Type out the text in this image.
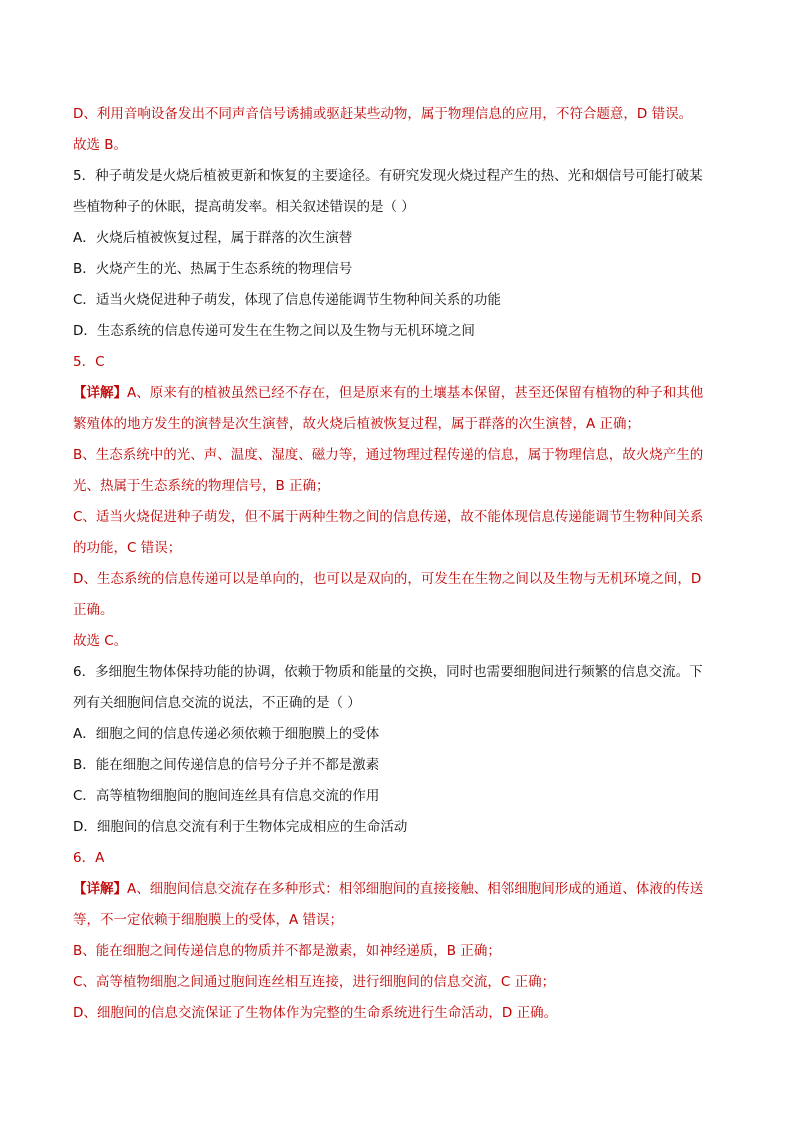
D、利用音响设备发出不同声音信号诱捕或驱赶某些动物，属于物理信息的应用，不符合题意，D 错误。
故选 B。
5．种子萌发是火烧后植被更新和恢复的主要途径。有研究发现火烧过程产生的热、光和烟信号可能打破某
些植物种子的休眠，提高萌发率。相关叙述错误的是（ ）
A．火烧后植被恢复过程，属于群落的次生演替
B．火烧产生的光、热属于生态系统的物理信号
C．适当火烧促进种子萌发，体现了信息传递能调节生物种间关系的功能
D．生态系统的信息传递可发生在生物之间以及生物与无机环境之间
5．C
【详解】A、原来有的植被虽然已经不存在，但是原来有的土壤基本保留，甚至还保留有植物的种子和其他
繁殖体的地方发生的演替是次生演替，故火烧后植被恢复过程，属于群落的次生演替，A 正确；
B、生态系统中的光、声、温度、湿度、磁力等，通过物理过程传递的信息，属于物理信息，故火烧产生的
光、热属于生态系统的物理信号，B 正确；
C、适当火烧促进种子萌发，但不属于两种生物之间的信息传递，故不能体现信息传递能调节生物种间关系
的功能，C 错误；
D、生态系统的信息传递可以是单向的，也可以是双向的，可发生在生物之间以及生物与无机环境之间，D
正确。
故选 C。
6．多细胞生物体保持功能的协调，依赖于物质和能量的交换，同时也需要细胞间进行频繁的信息交流。下
列有关细胞间信息交流的说法，不正确的是（ ）
A．细胞之间的信息传递必须依赖于细胞膜上的受体
B．能在细胞之间传递信息的信号分子并不都是激素
C．高等植物细胞间的胞间连丝具有信息交流的作用
D．细胞间的信息交流有利于生物体完成相应的生命活动
6．A
【详解】A、细胞间信息交流存在多种形式：相邻细胞间的直接接触、相邻细胞间形成的通道、体液的传送
等，不一定依赖于细胞膜上的受体，A 错误；
B、能在细胞之间传递信息的物质并不都是激素，如神经递质，B 正确；
C、高等植物细胞之间通过胞间连丝相互连接，进行细胞间的信息交流，C 正确；
D、细胞间的信息交流保证了生物体作为完整的生命系统进行生命活动，D 正确。
